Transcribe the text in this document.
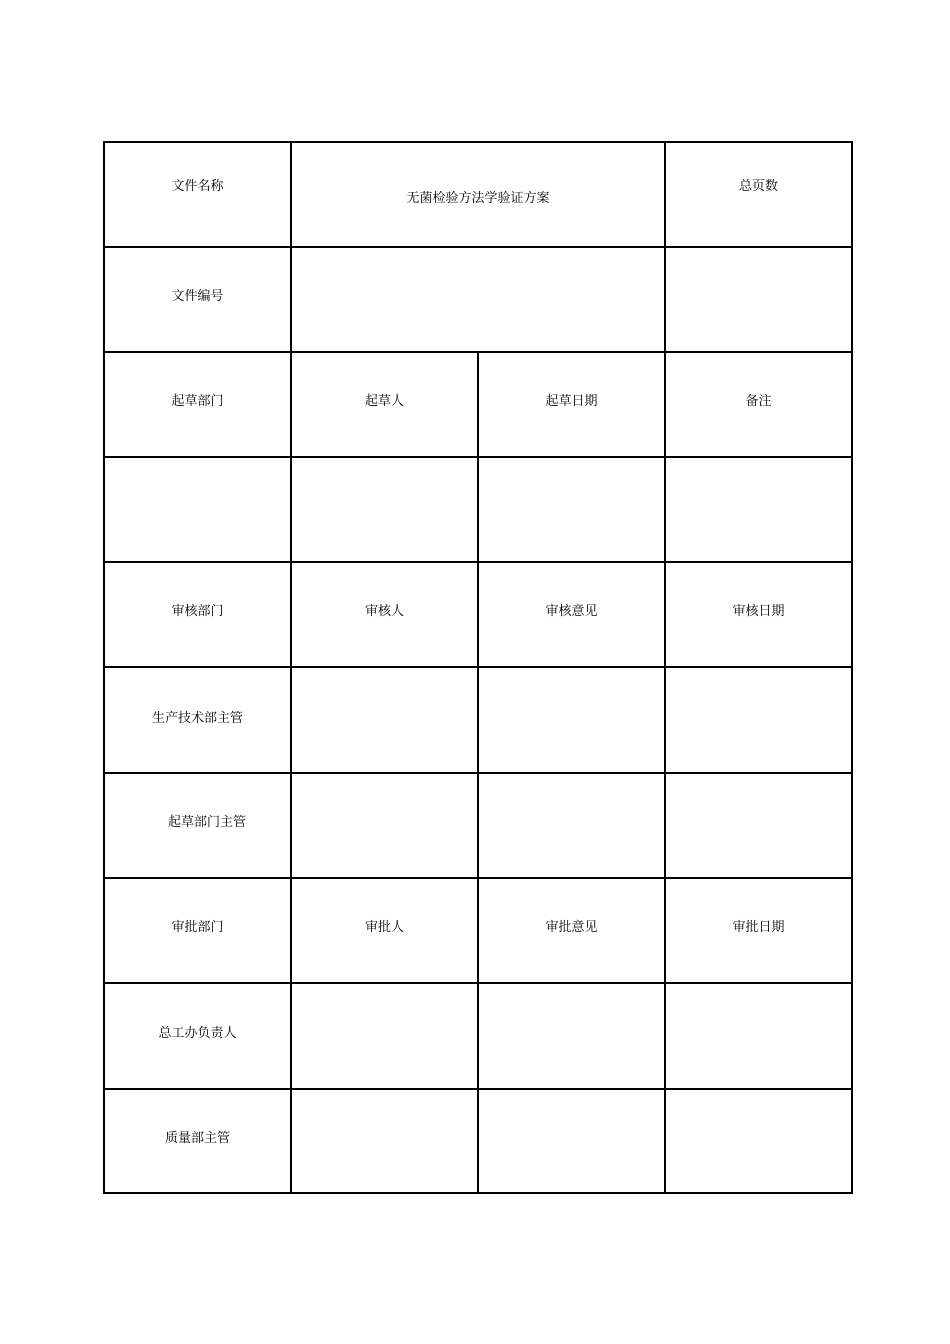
文件名称	无菌检验方法学验证方案		总页数

文件编号			

起草部门	起草人	起草日期	备注

审核部门	审核人	审核意见	审核日期

生产技术部主管			

起草部门主管			

审批部门	审批人	审批意见	审批日期

总工办负责人			

质量部主管			
